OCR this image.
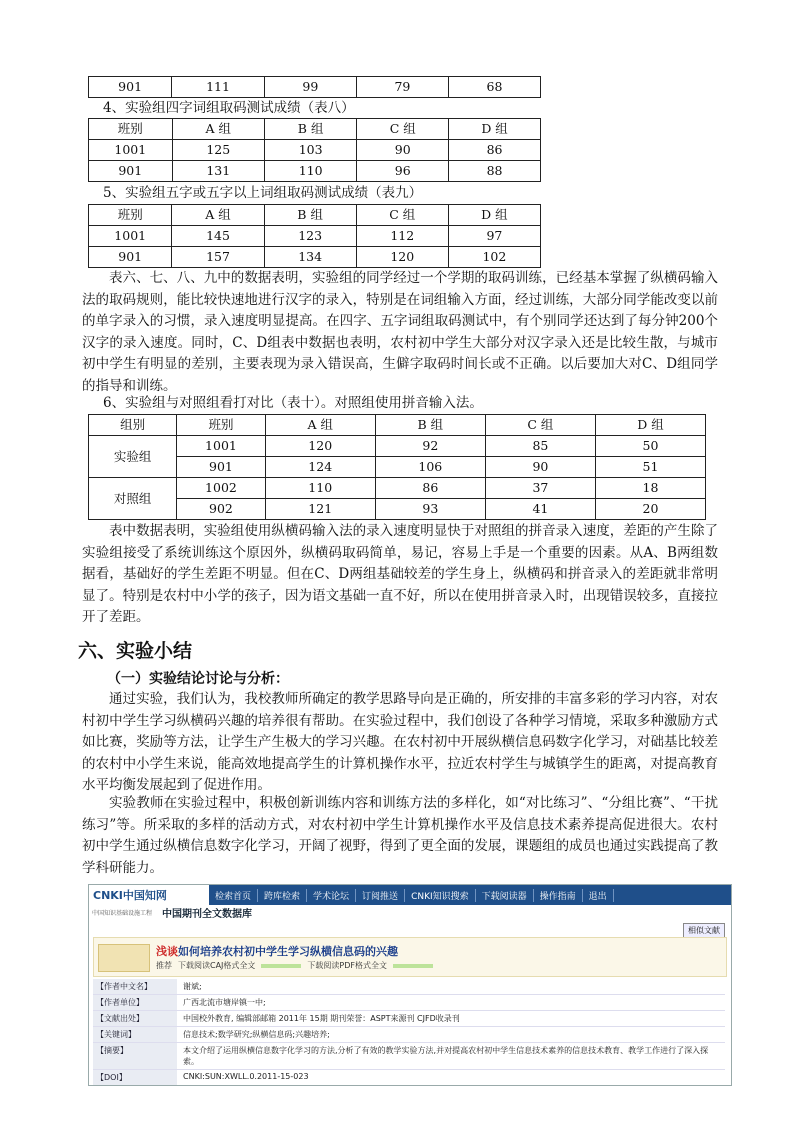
901	111	99	79	68
4、实验组四字词组取码测试成绩（表八）
班别	A 组	B 组	C 组	D 组
1001	125	103	90	86
901	131	110	96	88
5、实验组五字或五字以上词组取码测试成绩（表九）
班别	A 组	B 组	C 组	D 组
1001	145	123	112	97
901	157	134	120	102

表六、七、八、九中的数据表明，实验组的同学经过一个学期的取码训练，已经基本掌握了纵横码输入法的取码规则，能比较快速地进行汉字的录入，特别是在词组输入方面，经过训练，大部分同学能改变以前的单字录入的习惯，录入速度明显提高。在四字、五字词组取码测试中，有个别同学还达到了每分钟200个汉字的录入速度。同时，C、D组表中数据也表明，农村初中学生大部分对汉字录入还是比较生散，与城市初中学生有明显的差别，主要表现为录入错误高，生僻字取码时间长或不正确。以后要加大对C、D组同学的指导和训练。

6、实验组与对照组看打对比（表十）。对照组使用拼音输入法。
组别	班别	A 组	B 组	C 组	D 组
实验组	1001	120	92	85	50
	901	124	106	90	51
对照组	1002	110	86	37	18
	902	121	93	41	20

表中数据表明，实验组使用纵横码输入法的录入速度明显快于对照组的拼音录入速度，差距的产生除了实验组接受了系统训练这个原因外，纵横码取码简单，易记，容易上手是一个重要的因素。从A、B两组数据看，基础好的学生差距不明显。但在C、D两组基础较差的学生身上，纵横码和拼音录入的差距就非常明显了。特别是农村中小学的孩子，因为语文基础一直不好，所以在使用拼音录入时，出现错误较多，直接拉开了差距。

六、实验小结
（一）实验结论讨论与分析：

通过实验，我们认为，我校教师所确定的教学思路导向是正确的，所安排的丰富多彩的学习内容，对农村初中学生学习纵横码兴趣的培养很有帮助。在实验过程中，我们创设了各种学习情境，采取多种激励方式如比赛，奖励等方法，让学生产生极大的学习兴趣。在农村初中开展纵横信息码数字化学习，对础基比较差的农村中小学生来说，能高效地提高学生的计算机操作水平，拉近农村学生与城镇学生的距离，对提高教育水平均衡发展起到了促进作用。

实验教师在实验过程中，积极创新训练内容和训练方法的多样化，如“对比练习”、“分组比赛”、“干扰练习”等。所采取的多样的活动方式，对农村初中学生计算机操作水平及信息技术素养提高促进很大。农村初中学生通过纵横信息数字化学习，开阔了视野，得到了更全面的发展，课题组的成员也通过实践提高了教学科研能力。

CNKI中国知网	检索首页	跨库检索	学术论坛	订阅推送	CNKI知识搜索	下载阅读器	操作指南	退出
中国知识基础设施工程 中国期刊全文数据库
相似文献
浅谈如何培养农村初中学生学习纵横信息码的兴趣
推荐 下载阅读CAJ格式全文	下载阅读PDF格式全文
【作者中文名】	谢斌;
【作者单位】	广西北流市塘岸镇一中;
【文献出处】	中国校外教育, 编辑部邮箱 2011年 15期 期刊荣誉：ASPT来源刊 CJFD收录刊
【关键词】	信息技术;数学研究;纵横信息码;兴趣培养;
【摘要】	本文介绍了运用纵横信息数字化学习的方法,分析了有效的教学实验方法,并对提高农村初中学生信息技术素养的信息技术教育、教学工作进行了深入探索。
【DOI】	CNKI:SUN:XWLL.0.2011-15-023
